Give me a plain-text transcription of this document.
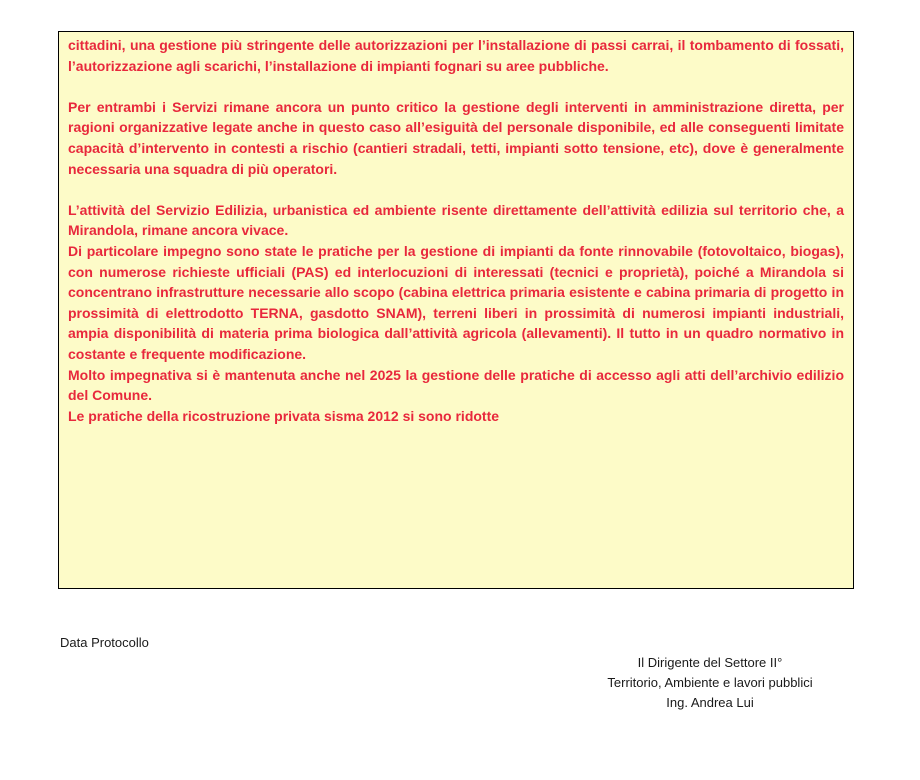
cittadini, una gestione più stringente delle autorizzazioni per l’installazione di passi carrai, il tombamento di fossati, l’autorizzazione agli scarichi, l’installazione di impianti fognari su aree pubbliche.

Per entrambi i Servizi rimane ancora un punto critico la gestione degli interventi in amministrazione diretta, per ragioni organizzative legate anche in questo caso all’esiguità del personale disponibile, ed alle conseguenti limitate capacità d’intervento in contesti a rischio (cantieri stradali, tetti, impianti sotto tensione, etc), dove è generalmente necessaria una squadra di più operatori.

L’attività del Servizio Edilizia, urbanistica ed ambiente risente direttamente dell’attività edilizia sul territorio che, a Mirandola, rimane ancora vivace.

Di particolare impegno sono state le pratiche per la gestione di impianti da fonte rinnovabile (fotovoltaico, biogas), con numerose richieste ufficiali (PAS) ed interlocuzioni di interessati (tecnici e proprietà), poiché a Mirandola si concentrano infrastrutture necessarie allo scopo (cabina elettrica primaria esistente e cabina primaria di progetto in prossimità di elettrodotto TERNA, gasdotto SNAM), terreni liberi in prossimità di numerosi impianti industriali, ampia disponibilità di materia prima biologica dall’attività agricola (allevamenti). Il tutto in un quadro normativo in costante e frequente modificazione.

Molto impegnativa si è mantenuta anche nel 2025 la gestione delle pratiche di accesso agli atti dell’archivio edilizio del Comune.

Le pratiche della ricostruzione privata sisma 2012 si sono ridotte

Data Protocollo
Il Dirigente del Settore II°
Territorio, Ambiente e lavori pubblici
Ing. Andrea Lui
